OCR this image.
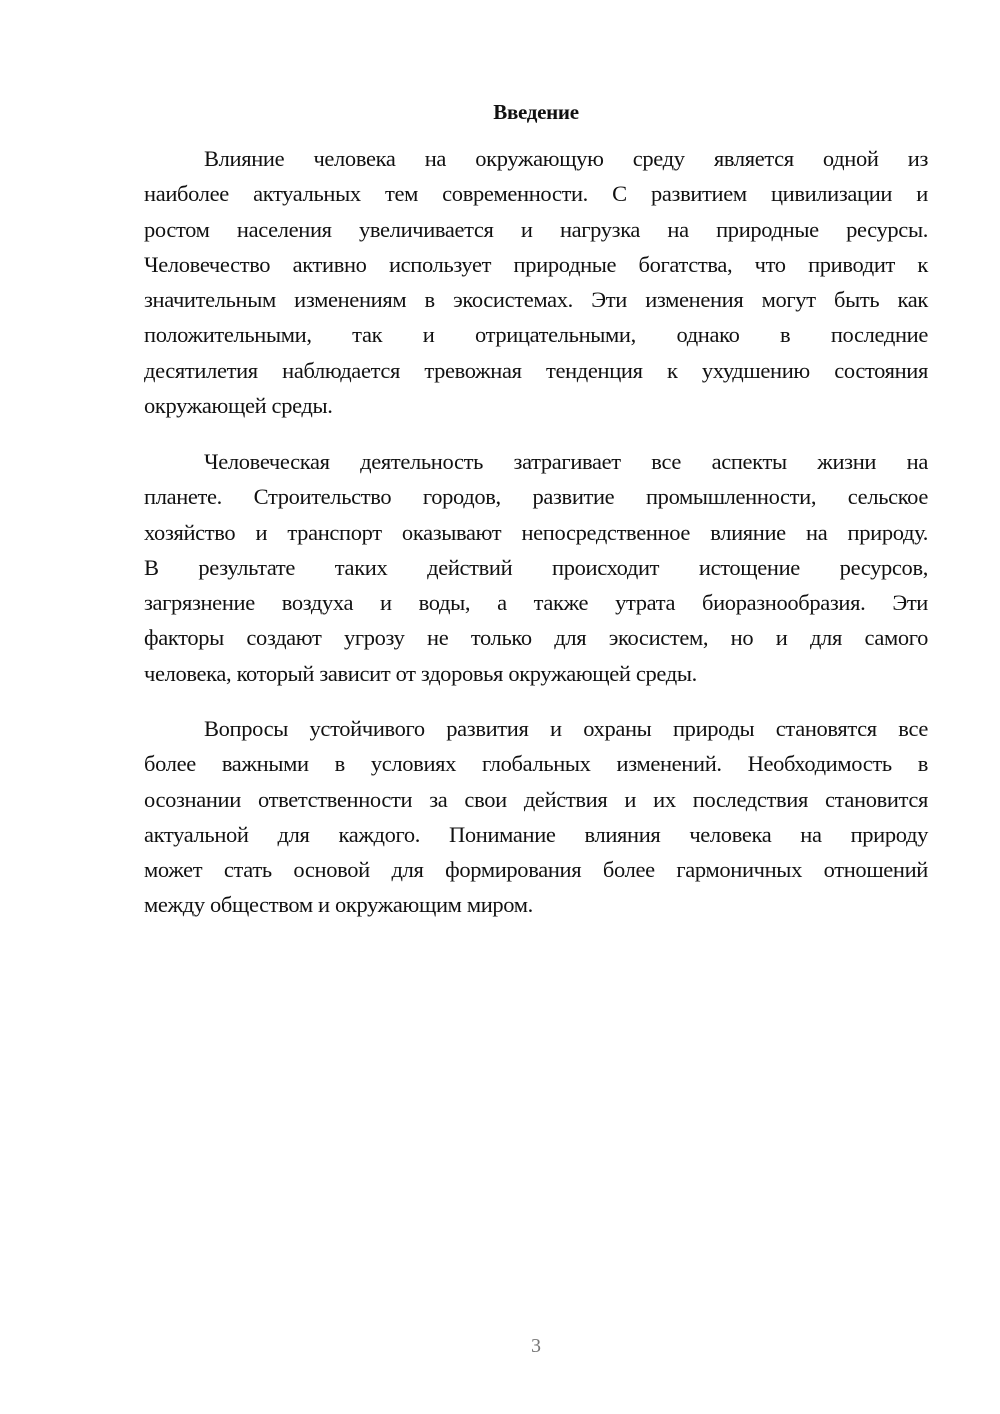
Введение
Влияние человека на окружающую среду является одной из
наиболее актуальных тем современности. С развитием цивилизации и
ростом населения увеличивается и нагрузка на природные ресурсы.
Человечество активно использует природные богатства, что приводит к
значительным изменениям в экосистемах. Эти изменения могут быть как
положительными, так и отрицательными, однако в последние
десятилетия наблюдается тревожная тенденция к ухудшению состояния
окружающей среды.
Человеческая деятельность затрагивает все аспекты жизни на
планете. Строительство городов, развитие промышленности, сельское
хозяйство и транспорт оказывают непосредственное влияние на природу.
В результате таких действий происходит истощение ресурсов,
загрязнение воздуха и воды, а также утрата биоразнообразия. Эти
факторы создают угрозу не только для экосистем, но и для самого
человека, который зависит от здоровья окружающей среды.
Вопросы устойчивого развития и охраны природы становятся все
более важными в условиях глобальных изменений. Необходимость в
осознании ответственности за свои действия и их последствия становится
актуальной для каждого. Понимание влияния человека на природу
может стать основой для формирования более гармоничных отношений
между обществом и окружающим миром.
3
